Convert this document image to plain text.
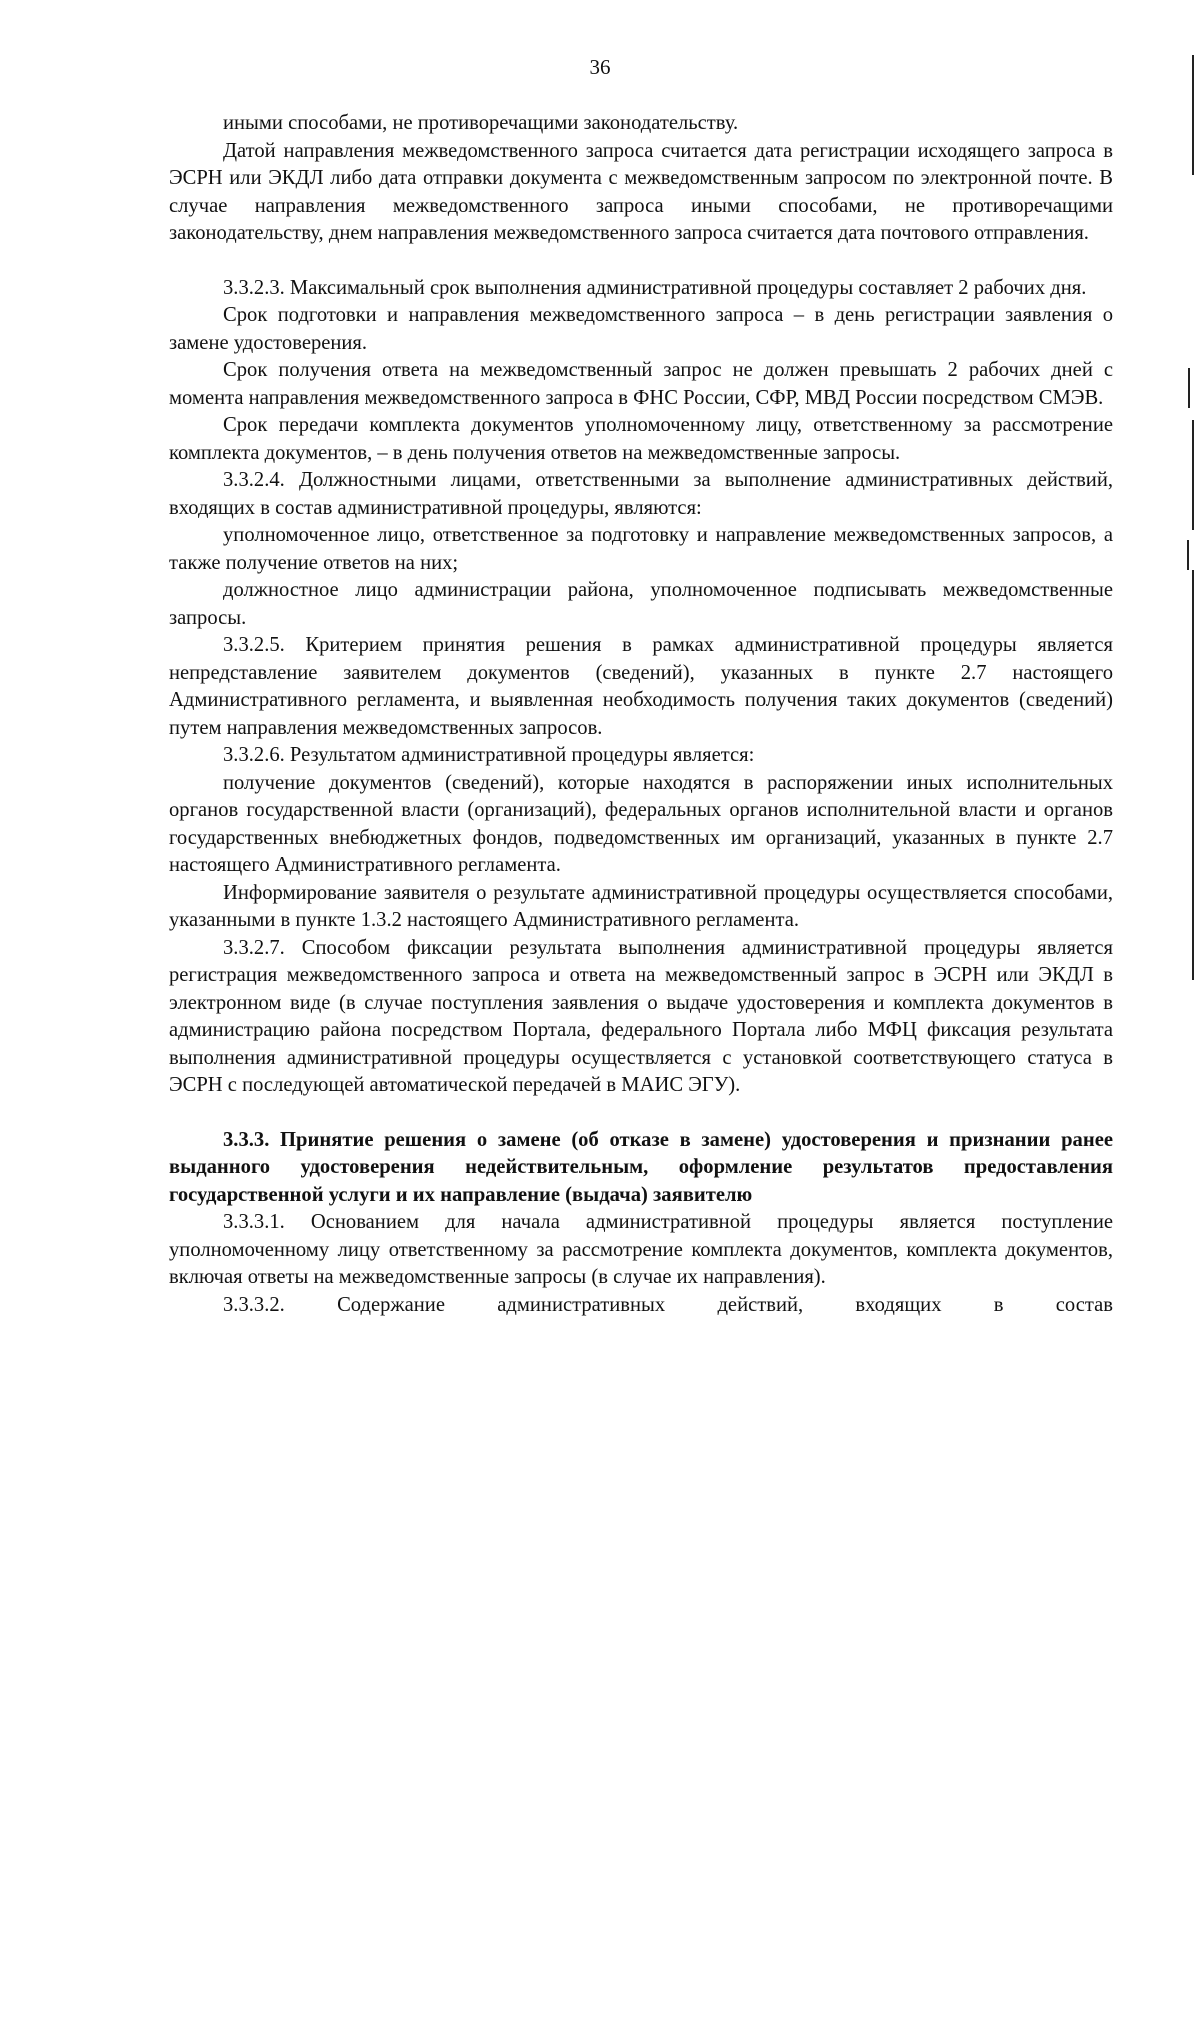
36

иными способами, не противоречащими законодательству.

Датой направления межведомственного запроса считается дата регистрации исходящего запроса в ЭСРН или ЭКДЛ либо дата отправки документа с межведомственным запросом по электронной почте. В случае направления межведомственного запроса иными способами, не противоречащими законодательству, днем направления межведомственного запроса считается дата почтового отправления.

3.3.2.3. Максимальный срок выполнения административной процедуры составляет 2 рабочих дня.

Срок подготовки и направления межведомственного запроса – в день регистрации заявления о замене удостоверения.

Срок получения ответа на межведомственный запрос не должен превышать 2 рабочих дней с момента направления межведомственного запроса в ФНС России, СФР, МВД России посредством СМЭВ.

Срок передачи комплекта документов уполномоченному лицу, ответственному за рассмотрение комплекта документов, – в день получения ответов на межведомственные запросы.

3.3.2.4. Должностными лицами, ответственными за выполнение административных действий, входящих в состав административной процедуры, являются:

уполномоченное лицо, ответственное за подготовку и направление межведомственных запросов, а также получение ответов на них;

должностное лицо администрации района, уполномоченное подписывать межведомственные запросы.

3.3.2.5. Критерием принятия решения в рамках административной процедуры является непредставление заявителем документов (сведений), указанных в пункте 2.7 настоящего Административного регламента, и выявленная необходимость получения таких документов (сведений) путем направления межведомственных запросов.

3.3.2.6. Результатом административной процедуры является:

получение документов (сведений), которые находятся в распоряжении иных исполнительных органов государственной власти (организаций), федеральных органов исполнительной власти и органов государственных внебюджетных фондов, подведомственных им организаций, указанных в пункте 2.7 настоящего Административного регламента.

Информирование заявителя о результате административной процедуры осуществляется способами, указанными в пункте 1.3.2 настоящего Административного регламента.

3.3.2.7. Способом фиксации результата выполнения административной процедуры является регистрация межведомственного запроса и ответа на межведомственный запрос в ЭСРН или ЭКДЛ в электронном виде (в случае поступления заявления о выдаче удостоверения и комплекта документов в администрацию района посредством Портала, федерального Портала либо МФЦ фиксация результата выполнения административной процедуры осуществляется с установкой соответствующего статуса в ЭСРН с последующей автоматической передачей в МАИС ЭГУ).

3.3.3. Принятие решения о замене (об отказе в замене) удостоверения и признании ранее выданного удостоверения недействительным, оформление результатов предоставления государственной услуги и их направление (выдача) заявителю

3.3.3.1. Основанием для начала административной процедуры является поступление уполномоченному лицу ответственному за рассмотрение комплекта документов, комплекта документов, включая ответы на межведомственные запросы (в случае их направления).

3.3.3.2. Содержание административных действий, входящих в состав
